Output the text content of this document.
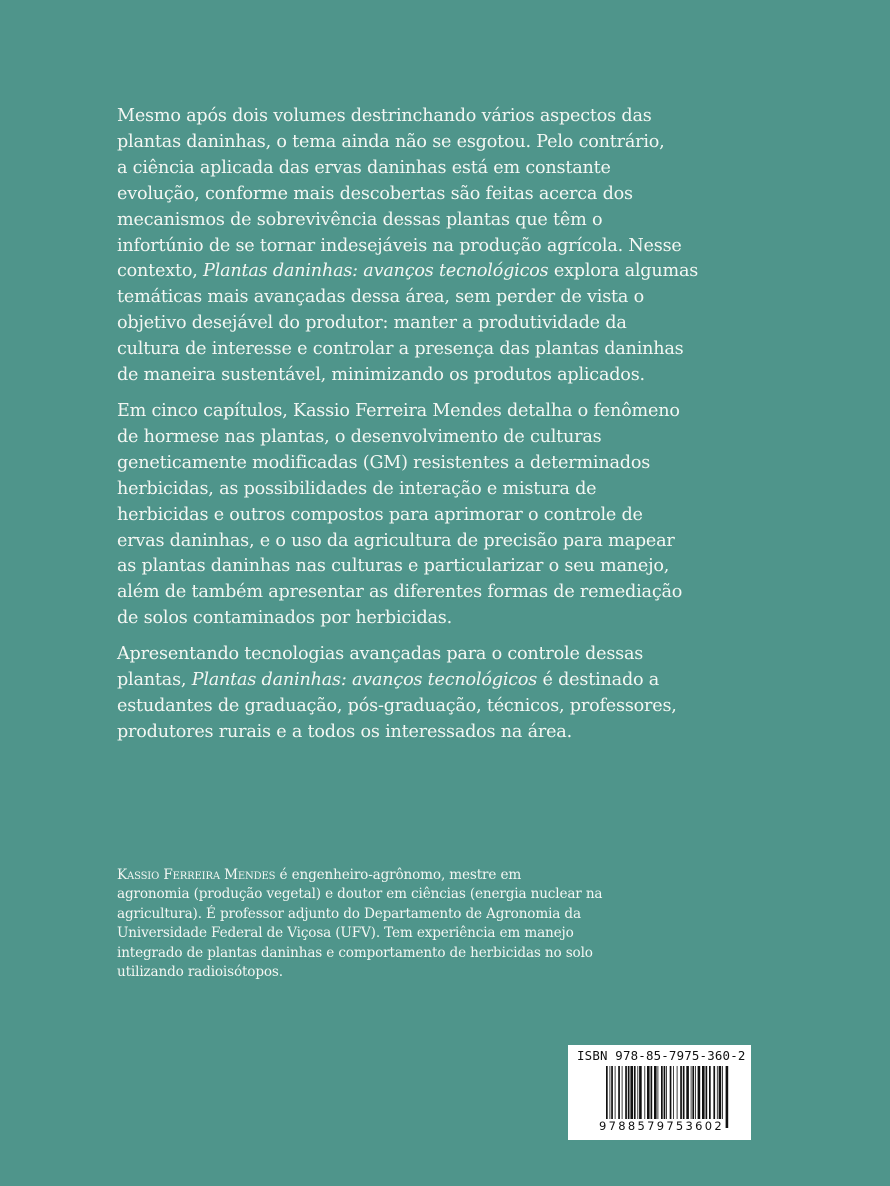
Mesmo após dois volumes destrinchando vários aspectos das
plantas daninhas, o tema ainda não se esgotou. Pelo contrário,
a ciência aplicada das ervas daninhas está em constante
evolução, conforme mais descobertas são feitas acerca dos
mecanismos de sobrevivência dessas plantas que têm o
infortúnio de se tornar indesejáveis na produção agrícola. Nesse
contexto, Plantas daninhas: avanços tecnológicos explora algumas
temáticas mais avançadas dessa área, sem perder de vista o
objetivo desejável do produtor: manter a produtividade da
cultura de interesse e controlar a presença das plantas daninhas
de maneira sustentável, minimizando os produtos aplicados.
Em cinco capítulos, Kassio Ferreira Mendes detalha o fenômeno
de hormese nas plantas, o desenvolvimento de culturas
geneticamente modificadas (GM) resistentes a determinados
herbicidas, as possibilidades de interação e mistura de
herbicidas e outros compostos para aprimorar o controle de
ervas daninhas, e o uso da agricultura de precisão para mapear
as plantas daninhas nas culturas e particularizar o seu manejo,
além de também apresentar as diferentes formas de remediação
de solos contaminados por herbicidas.
Apresentando tecnologias avançadas para o controle dessas
plantas, Plantas daninhas: avanços tecnológicos é destinado a
estudantes de graduação, pós-graduação, técnicos, professores,
produtores rurais e a todos os interessados na área.
Kassio Ferreira Mendes é engenheiro-agrônomo, mestre em
agronomia (produção vegetal) e doutor em ciências (energia nuclear na
agricultura). É professor adjunto do Departamento de Agronomia da
Universidade Federal de Viçosa (UFV). Tem experiência em manejo
integrado de plantas daninhas e comportamento de herbicidas no solo
utilizando radioisótopos.
ISBN 978-85-7975-360-2
9788579753602
